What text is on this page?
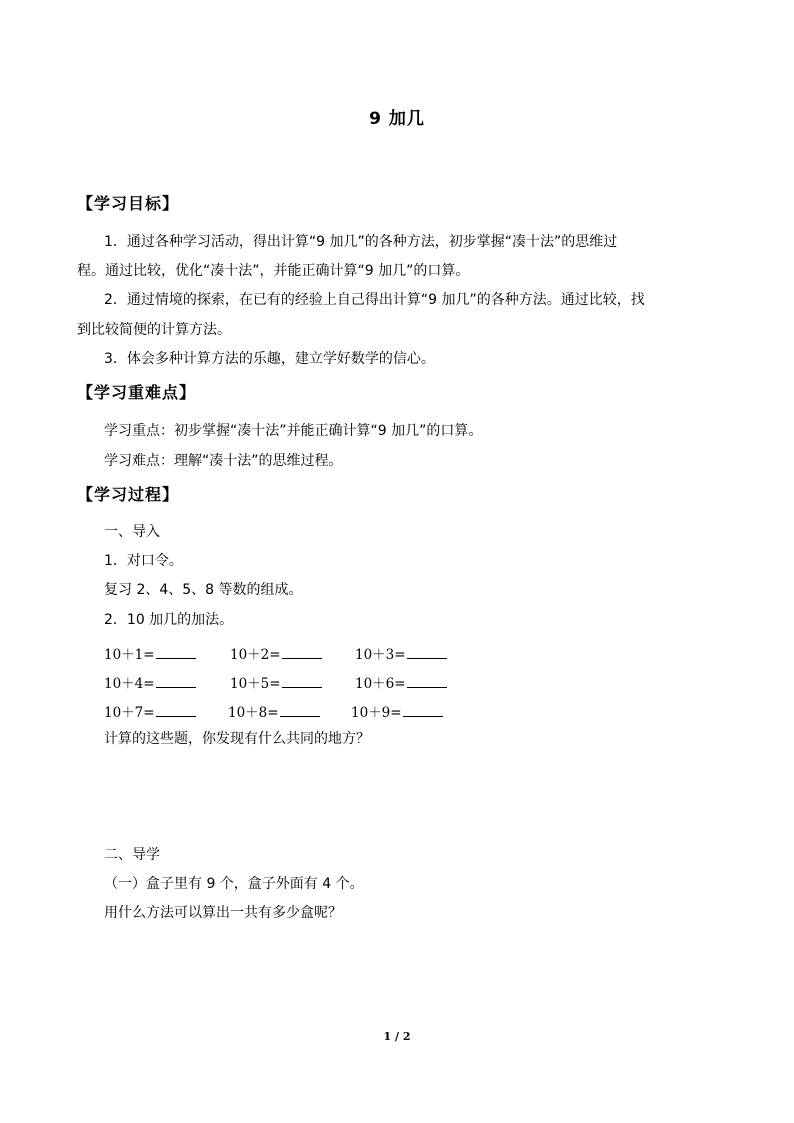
9 加几
【学习目标】
1．通过各种学习活动，得出计算“9 加几”的各种方法，初步掌握“凑十法”的思维过
程。通过比较，优化“凑十法”，并能正确计算“9 加几”的口算。
2．通过情境的探索，在已有的经验上自己得出计算“9 加几”的各种方法。通过比较，找
到比较简便的计算方法。
3．体会多种计算方法的乐趣，建立学好数学的信心。
【学习重难点】
学习重点：初步掌握“凑十法”并能正确计算“9 加几”的口算。
学习难点：理解“凑十法”的思维过程。
【学习过程】
一、导入
1．对口令。
复习 2、4、5、8 等数的组成。
2．10 加几的加法。
10＋1=	10＋2=	10＋3=
10＋4=	10＋5=	10＋6=
10＋7=	10＋8=	10＋9=
计算的这些题，你发现有什么共同的地方？
二、导学
（一）盒子里有 9 个，盒子外面有 4 个。
用什么方法可以算出一共有多少盒呢？
1 / 2
